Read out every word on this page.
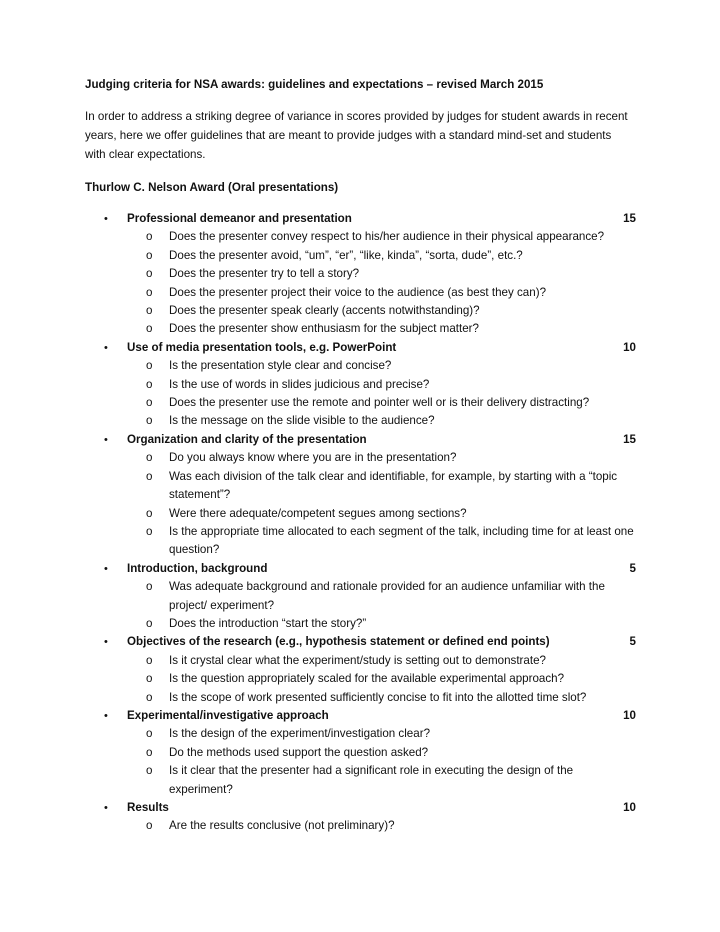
Judging criteria for NSA awards: guidelines and expectations – revised March 2015

In order to address a striking degree of variance in scores provided by judges for student awards in recent years, here we offer guidelines that are meant to provide judges with a standard mind-set and students with clear expectations.

Thurlow C. Nelson Award (Oral presentations)

• Professional demeanor and presentation	15
o Does the presenter convey respect to his/her audience in their physical appearance?
o Does the presenter avoid, “um”, “er”, “like, kinda”, “sorta, dude”, etc.?
o Does the presenter try to tell a story?
o Does the presenter project their voice to the audience (as best they can)?
o Does the presenter speak clearly (accents notwithstanding)?
o Does the presenter show enthusiasm for the subject matter?
• Use of media presentation tools, e.g. PowerPoint	10
o Is the presentation style clear and concise?
o Is the use of words in slides judicious and precise?
o Does the presenter use the remote and pointer well or is their delivery distracting?
o Is the message on the slide visible to the audience?
• Organization and clarity of the presentation	15
o Do you always know where you are in the presentation?
o Was each division of the talk clear and identifiable, for example, by starting with a “topic statement”?
o Were there adequate/competent segues among sections?
o Is the appropriate time allocated to each segment of the talk, including time for at least one question?
• Introduction, background	5
o Was adequate background and rationale provided for an audience unfamiliar with the project/ experiment?
o Does the introduction “start the story?”
• Objectives of the research (e.g., hypothesis statement or defined end points)	5
o Is it crystal clear what the experiment/study is setting out to demonstrate?
o Is the question appropriately scaled for the available experimental approach?
o Is the scope of work presented sufficiently concise to fit into the allotted time slot?
• Experimental/investigative approach	10
o Is the design of the experiment/investigation clear?
o Do the methods used support the question asked?
o Is it clear that the presenter had a significant role in executing the design of the experiment?
• Results	10
o Are the results conclusive (not preliminary)?
